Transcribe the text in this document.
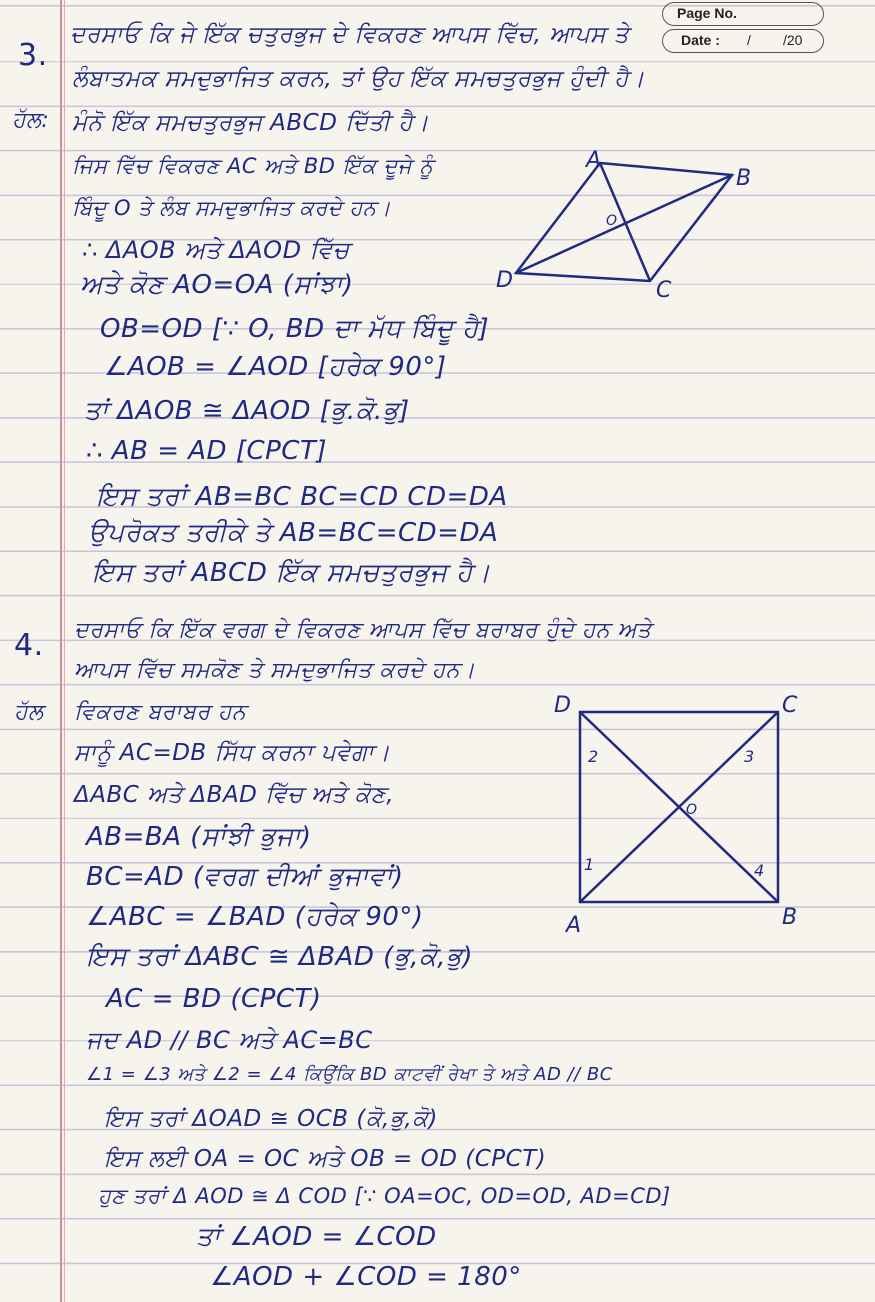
Page No.
Date : / /20
3.
ਦਰਸਾਓ ਕਿ ਜੇ ਇੱਕ ਚਤੁਰਭੁਜ ਦੇ ਵਿਕਰਣ ਆਪਸ ਵਿੱਚ, ਆਪਸ ਤੇ
ਲੰਬਾਤਮਕ ਸਮਦੁਭਾਜਿਤ ਕਰਨ, ਤਾਂ ਉਹ ਇੱਕ ਸਮਚਤੁਰਭੁਜ ਹੁੰਦੀ ਹੈ।
ਹੱਲ: ਮੰਨੋ ਇੱਕ ਸਮਚਤੁਰਭੁਜ ABCD ਦਿੱਤੀ ਹੈ।
ਜਿਸ ਵਿੱਚ ਵਿਕਰਣ AC ਅਤੇ BD ਇੱਕ ਦੂਜੇ ਨੂੰ
ਬਿੰਦੂ O ਤੇ ਲੰਬ ਸਮਦੁਭਾਜਿਤ ਕਰਦੇ ਹਨ।
∴ ΔAOB ਅਤੇ ΔAOD ਵਿੱਚ
ਅਤੇ ਕੋਣ AO=OA (ਸਾਂਝਾ)
OB=OD [∵ O, BD ਦਾ ਮੱਧ ਬਿੰਦੂ ਹੈ]
∠AOB = ∠AOD [ਹਰੇਕ 90°]
ਤਾਂ ΔAOB ≅ ΔAOD [ਭੁ.ਕੋ.ਭੁ]
∴ AB = AD [CPCT]
ਇਸ ਤਰਾਂ AB=BC BC=CD CD=DA
ਉਪਰੋਕਤ ਤਰੀਕੇ ਤੇ AB=BC=CD=DA
ਇਸ ਤਰਾਂ ABCD ਇੱਕ ਸਮਚਤੁਰਭੁਜ ਹੈ।
A
B
C
D
O
4. ਦਰਸਾਓ ਕਿ ਇੱਕ ਵਰਗ ਦੇ ਵਿਕਰਣ ਆਪਸ ਵਿੱਚ ਬਰਾਬਰ ਹੁੰਦੇ ਹਨ ਅਤੇ
ਆਪਸ ਵਿੱਚ ਸਮਕੋਣ ਤੇ ਸਮਦੁਭਾਜਿਤ ਕਰਦੇ ਹਨ।
ਹੱਲ ਵਿਕਰਣ ਬਰਾਬਰ ਹਨ
ਸਾਨੂੰ AC=DB ਸਿੱਧ ਕਰਨਾ ਪਵੇਗਾ।
ΔABC ਅਤੇ ΔBAD ਵਿੱਚ ਅਤੇ ਕੋਣ,
AB=BA (ਸਾਂਝੀ ਭੁਜਾ)
BC=AD (ਵਰਗ ਦੀਆਂ ਭੁਜਾਵਾਂ)
∠ABC = ∠BAD (ਹਰੇਕ 90°)
ਇਸ ਤਰਾਂ ΔABC ≅ ΔBAD (ਭੁ,ਕੋ,ਭੁ)
AC = BD (CPCT)
ਜਦ AD // BC ਅਤੇ AC=BC
∠1 = ∠3 ਅਤੇ ∠2 = ∠4 ਕਿਉਂਕਿ BD ਕਾਟਵੀਂ ਰੇਖਾ ਤੇ ਅਤੇ AD // BC
ਇਸ ਤਰਾਂ ΔOAD ≅ OCB (ਕੋ,ਭੁ,ਕੋ)
ਇਸ ਲਈ OA = OC ਅਤੇ OB = OD (CPCT)
ਹੁਣ ਤਰਾਂ Δ AOD ≅ Δ COD [∵ OA=OC, OD=OD, AD=CD]
ਤਾਂ ∠AOD = ∠COD
∠AOD + ∠COD = 180°
D	C
A	B
O
1
2	3
4
